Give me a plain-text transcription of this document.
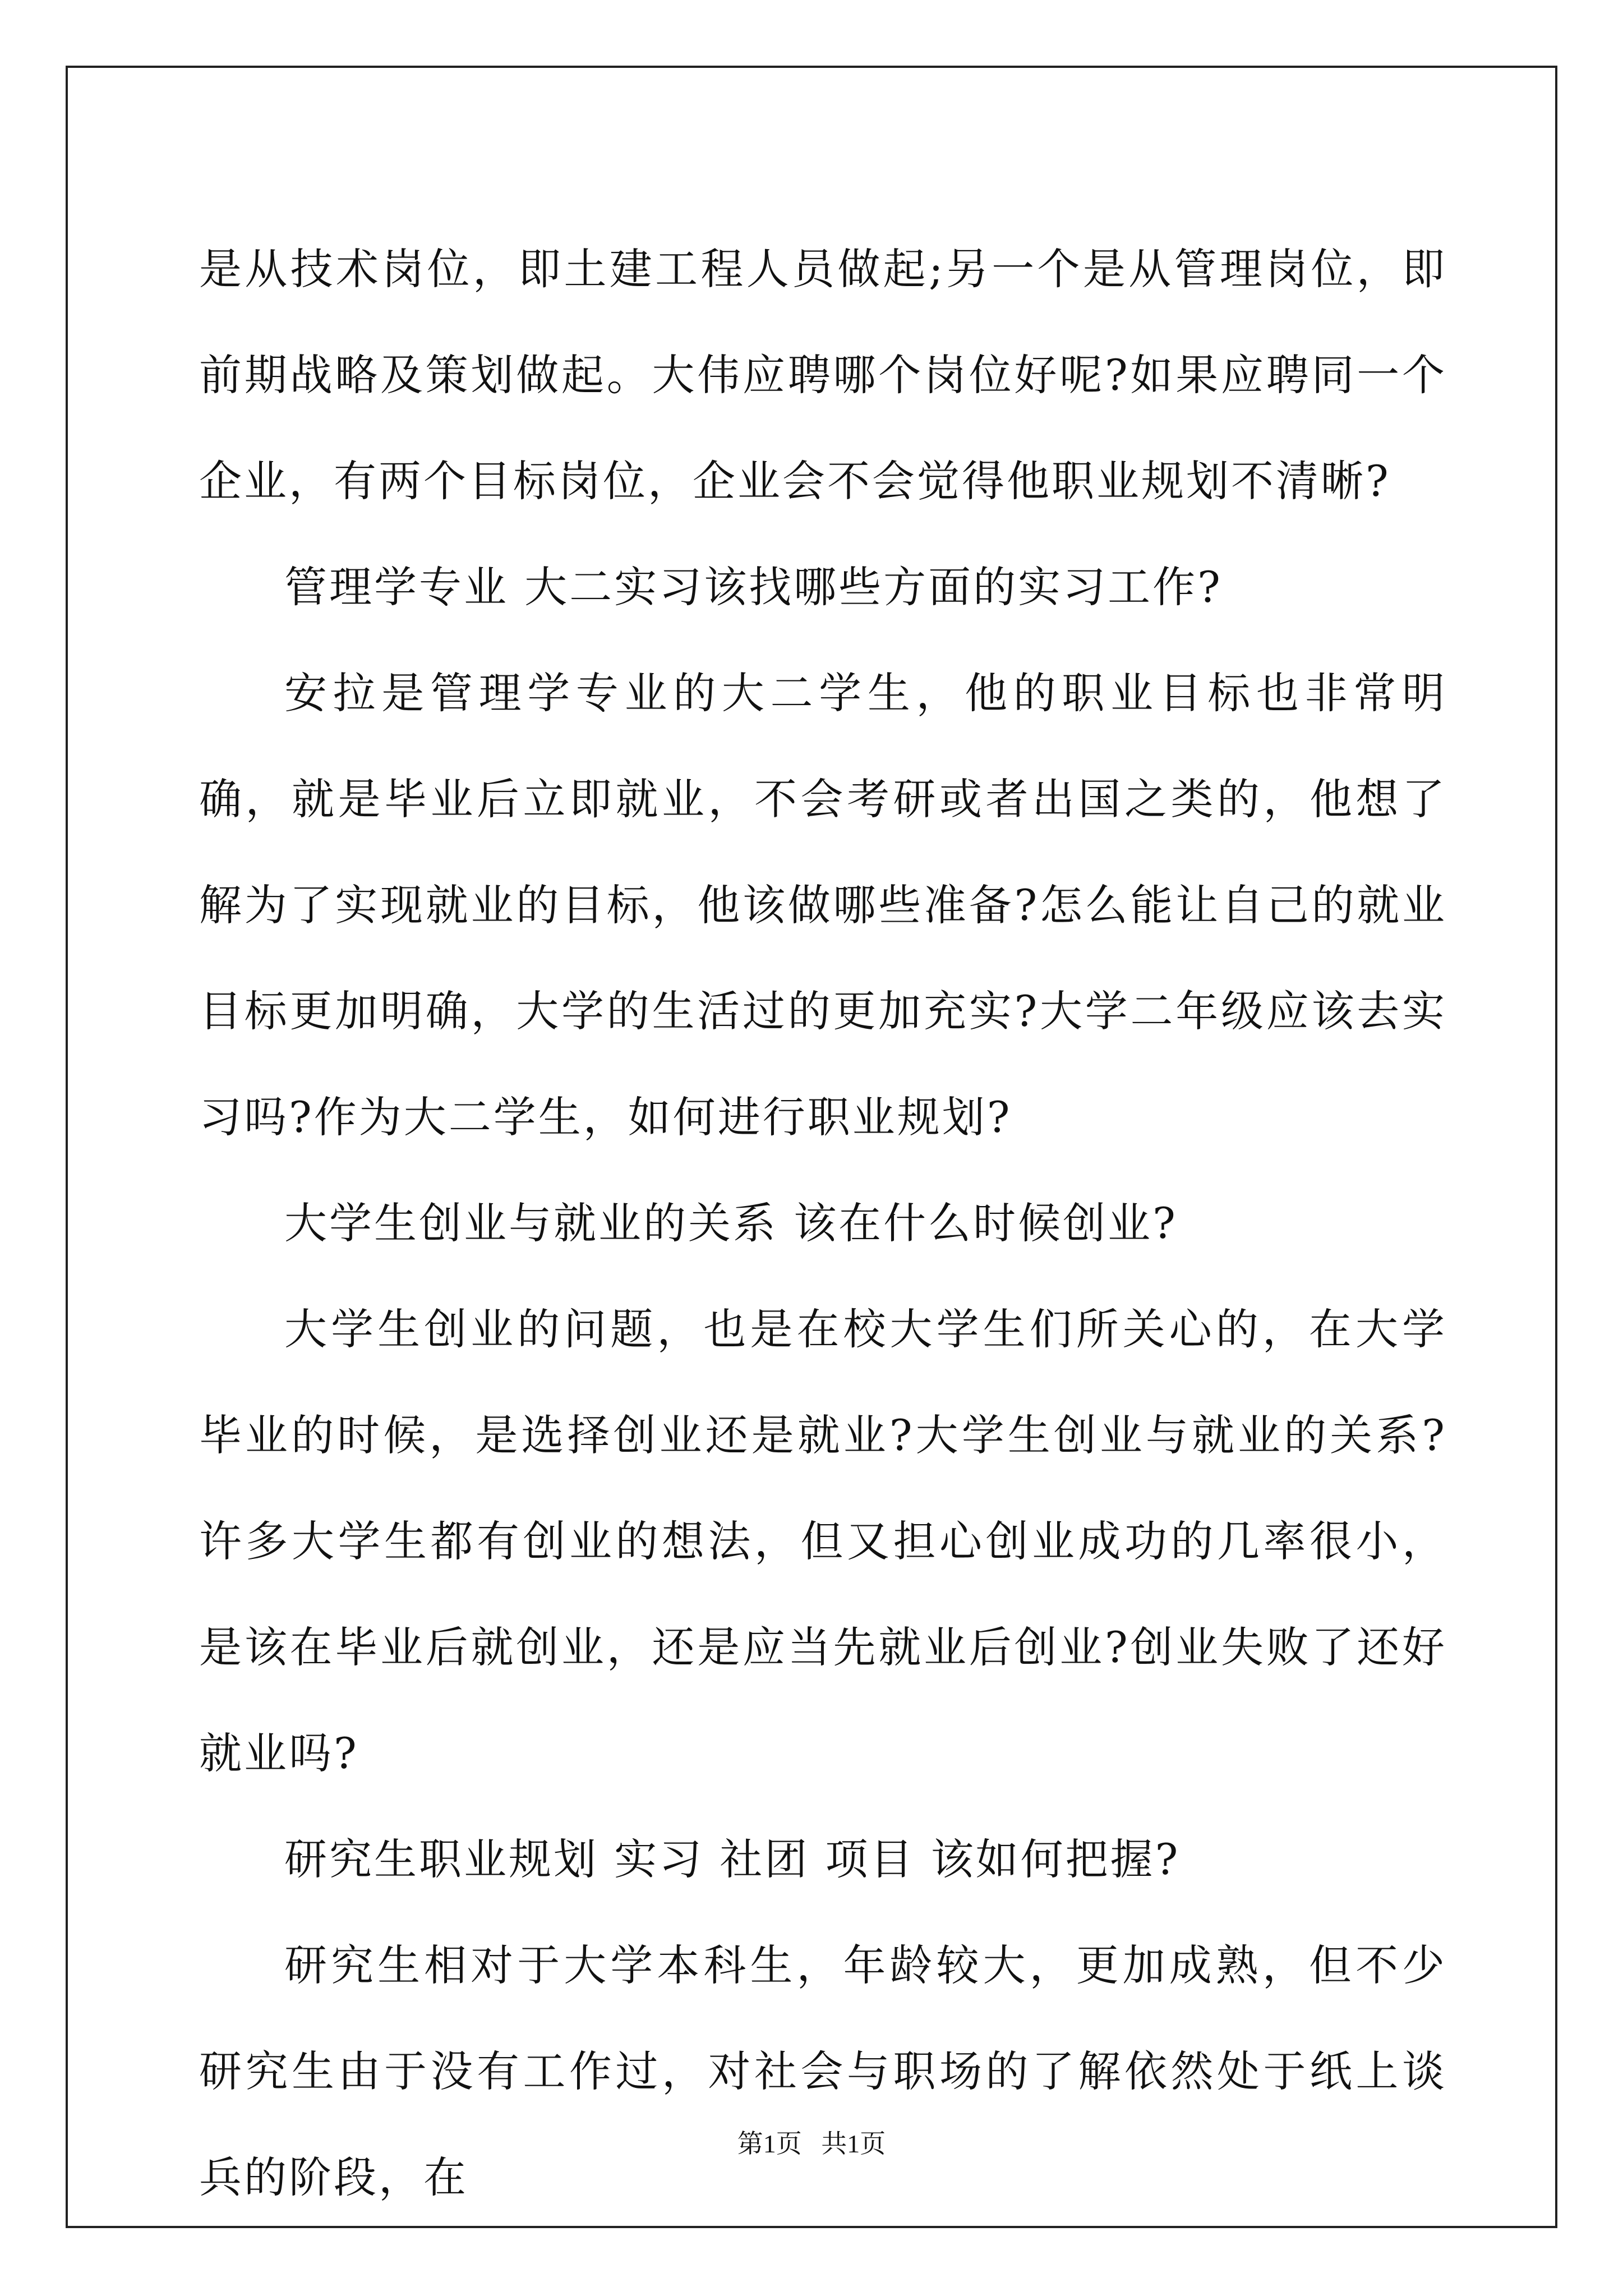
是从技术岗位，即土建工程人员做起;另一个是从管理岗位，即前期战略及策划做起。大伟应聘哪个岗位好呢?如果应聘同一个企业，有两个目标岗位，企业会不会觉得他职业规划不清晰?

管理学专业 大二实习该找哪些方面的实习工作?

安拉是管理学专业的大二学生，他的职业目标也非常明确，就是毕业后立即就业，不会考研或者出国之类的，他想了解为了实现就业的目标，他该做哪些准备?怎么能让自己的就业目标更加明确，大学的生活过的更加充实?大学二年级应该去实习吗?作为大二学生，如何进行职业规划?

大学生创业与就业的关系 该在什么时候创业?

大学生创业的问题，也是在校大学生们所关心的，在大学毕业的时候，是选择创业还是就业?大学生创业与就业的关系?许多大学生都有创业的想法，但又担心创业成功的几率很小，是该在毕业后就创业，还是应当先就业后创业?创业失败了还好就业吗?

研究生职业规划 实习 社团 项目 该如何把握?

研究生相对于大学本科生，年龄较大，更加成熟，但不少研究生由于没有工作过，对社会与职场的了解依然处于纸上谈兵的阶段，在

第1页   共1页
